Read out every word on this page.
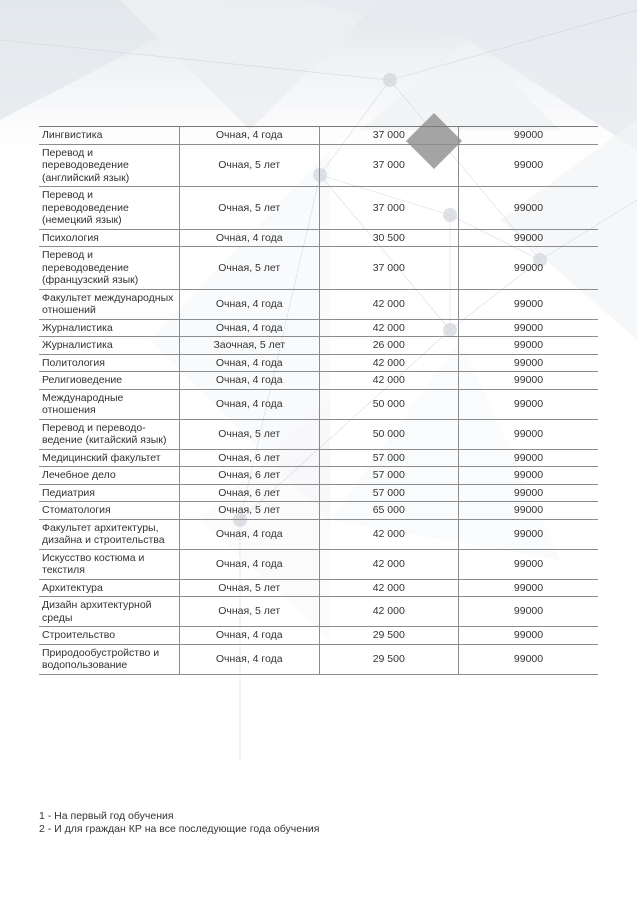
Лингвистика	Очная, 4 года	37 000	99000
Перевод и переводоведение (английский язык)	Очная, 5 лет	37 000	99000
Перевод и переводоведение (немецкий язык)	Очная, 5 лет	37 000	99000
Психология	Очная, 4 года	30 500	99000
Перевод и переводоведение (французский язык)	Очная, 5 лет	37 000	99000
Факультет международных отношений	Очная, 4 года	42 000	99000
Журналистика	Очная, 4 года	42 000	99000
Журналистика	Заочная, 5 лет	26 000	99000
Политология	Очная, 4 года	42 000	99000
Религиоведение	Очная, 4 года	42 000	99000
Международные отношения	Очная, 4 года	50 000	99000
Перевод и переводо-ведение (китайский язык)	Очная, 5 лет	50 000	99000
Медицинский факультет	Очная, 6 лет	57 000	99000
Лечебное дело	Очная, 6 лет	57 000	99000
Педиатрия	Очная, 6 лет	57 000	99000
Стоматология	Очная, 5 лет	65 000	99000
Факультет архитектуры, дизайна и строительства	Очная, 4 года	42 000	99000
Искусство костюма и текстиля	Очная, 4 года	42 000	99000
Архитектура	Очная, 5 лет	42 000	99000
Дизайн архитектурной среды	Очная, 5 лет	42 000	99000
Строительство	Очная, 4 года	29 500	99000
Природообустройство и водопользование	Очная, 4 года	29 500	99000
1 - На первый год обучения
2 - И для граждан КР на все последующие года обучения
